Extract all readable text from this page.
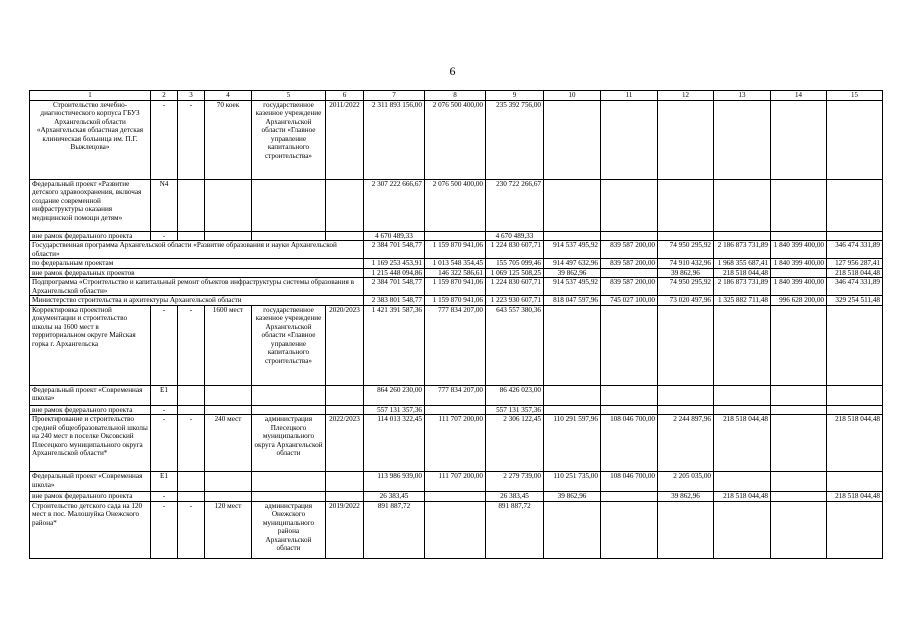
6
1	2	3	4	5	6	7	8	9	10	11	12	13	14	15
Строительство лечебно-диагностического корпуса ГБУЗ Архангельской области «Архангельская областная детская клиническая больница им. П.Г. Выжлецова»	-	-	70 коек	государственное казенное учреждение Архангельской области «Главное управление капитального строительства»	2011/2022	2 311 893 156,00	2 076 500 400,00	235 392 756,00						
Федеральный проект «Развитие детского здравоохранения, включая создание современной инфраструктуры оказания медицинской помощи детям»	N4					2 307 222 666,67	2 076 500 400,00	230 722 266,67						
вне рамок федерального проекта	-					4 670 489,33		4 670 489,33						
Государственная программа Архангельской области «Развитие образования и науки Архангельской области»						2 384 701 548,77	1 159 870 941,06	1 224 830 607,71	914 537 495,92	839 587 200,00	74 950 295,92	2 186 873 731,89	1 840 399 400,00	346 474 331,89
по федеральным проектам						1 169 253 453,91	1 013 548 354,45	155 705 099,46	914 497 632,96	839 587 200,00	74 910 432,96	1 968 355 687,41	1 840 399 400,00	127 956 287,41
вне рамок федеральных проектов						1 215 448 094,86	146 322 586,61	1 069 125 508,25	39 862,96		39 862,96	218 518 044,48		218 518 044,48
Подпрограмма «Строительство и капитальный ремонт объектов инфраструктуры системы образования в Архангельской области»						2 384 701 548,77	1 159 870 941,06	1 224 830 607,71	914 537 495,92	839 587 200,00	74 950 295,92	2 186 873 731,89	1 840 399 400,00	346 474 331,89
Министерство строительства и архитектуры Архангельской области						2 383 801 548,77	1 159 870 941,06	1 223 930 607,71	818 047 597,96	745 027 100,00	73 020 497,96	1 325 882 711,48	996 628 200,00	329 254 511,48
Корректировка проектной документации и строительство школы на 1600 мест в территориальном округе Майская горка г. Архангельска	-	-	1600 мест	государственное казенное учреждение Архангельской области «Главное управление капитального строительства»	2020/2023	1 421 391 587,36	777 834 207,00	643 557 380,36						
Федеральный проект «Современная школа»	E1					864 260 230,00	777 834 207,00	86 426 023,00						
вне рамок федерального проекта	-					557 131 357,36		557 131 357,36						
Проектирование и строительство средней общеобразовательной школы на 240 мест в поселке Оксовский Плесецкого муниципального округа Архангельской области*	-	-	240 мест	администрация Плесецкого муниципального округа Архангельской области	2022/2023	114 013 322,45	111 707 200,00	2 306 122,45	110 291 597,96	108 046 700,00	2 244 897,96	218 518 044,48		218 518 044,48
Федеральный проект «Современная школа»	E1					113 986 939,00	111 707 200,00	2 279 739,00	110 251 735,00	108 046 700,00	2 205 035,00			
вне рамок федерального проекта	-					26 383,45		26 383,45	39 862,96		39 862,96	218 518 044,48		218 518 044,48
Строительство детского сада на 120 мест в пос. Малошуйка Онежского района*	-	-	120 мест	администрация Онежского муниципального района Архангельской области	2019/2022	891 887,72		891 887,72						
